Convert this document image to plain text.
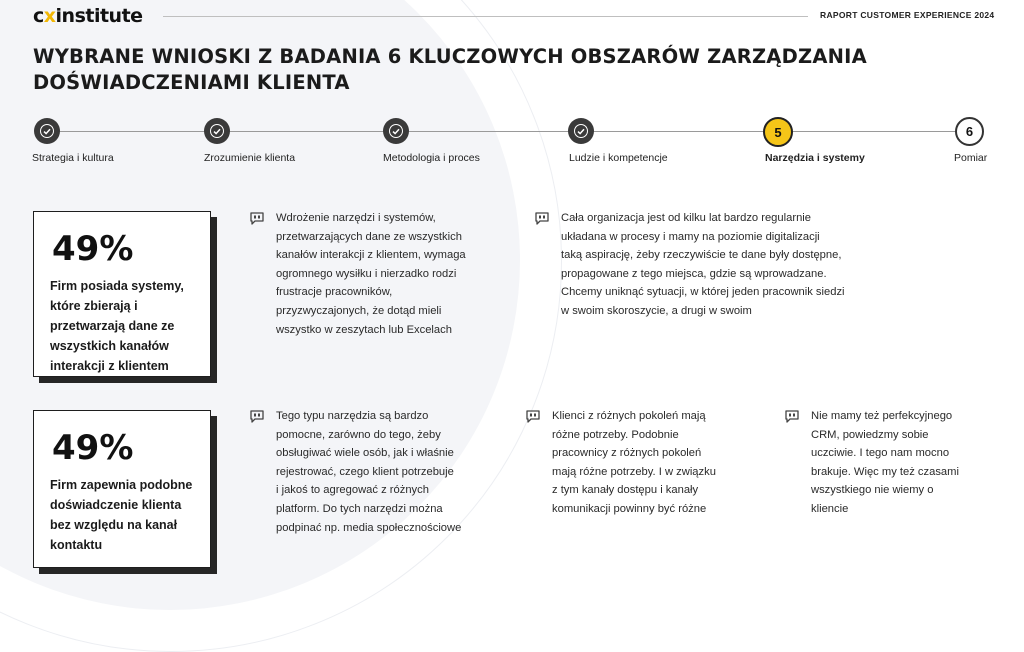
cxinstitute	RAPORT CUSTOMER EXPERIENCE 2024
WYBRANE WNIOSKI Z BADANIA 6 KLUCZOWYCH OBSZARÓW ZARZĄDZANIA
DOŚWIADCZENIAMI KLIENTA
5	6
Strategia i kultura	Zrozumienie klienta	Metodologia i proces	Ludzie i kompetencje	Narzędzia i systemy	Pomiar
49%
Firm posiada systemy, które zbierają i przetwarzają dane ze wszystkich kanałów interakcji z klientem
49%
Firm zapewnia podobne doświadczenie klienta bez względu na kanał kontaktu
Wdrożenie narzędzi i systemów,
przetwarzających dane ze wszystkich
kanałów interakcji z klientem, wymaga
ogromnego wysiłku i nierzadko rodzi
frustracje pracowników,
przyzwyczajonych, że dotąd mieli
wszystko w zeszytach lub Excelach
Cała organizacja jest od kilku lat bardzo regularnie
układana w procesy i mamy na poziomie digitalizacji
taką aspirację, żeby rzeczywiście te dane były dostępne,
propagowane z tego miejsca, gdzie są wprowadzane.
Chcemy uniknąć sytuacji, w której jeden pracownik siedzi
w swoim skoroszycie, a drugi w swoim
Tego typu narzędzia są bardzo
pomocne, zarówno do tego, żeby
obsługiwać wiele osób, jak i właśnie
rejestrować, czego klient potrzebuje
i jakoś to agregować z różnych
platform. Do tych narzędzi można
podpinać np. media społecznościowe
Klienci z różnych pokoleń mają
różne potrzeby. Podobnie
pracownicy z różnych pokoleń
mają różne potrzeby. I w związku
z tym kanały dostępu i kanały
komunikacji powinny być różne
Nie mamy też perfekcyjnego
CRM, powiedzmy sobie
uczciwie. I tego nam mocno
brakuje. Więc my też czasami
wszystkiego nie wiemy o
kliencie
